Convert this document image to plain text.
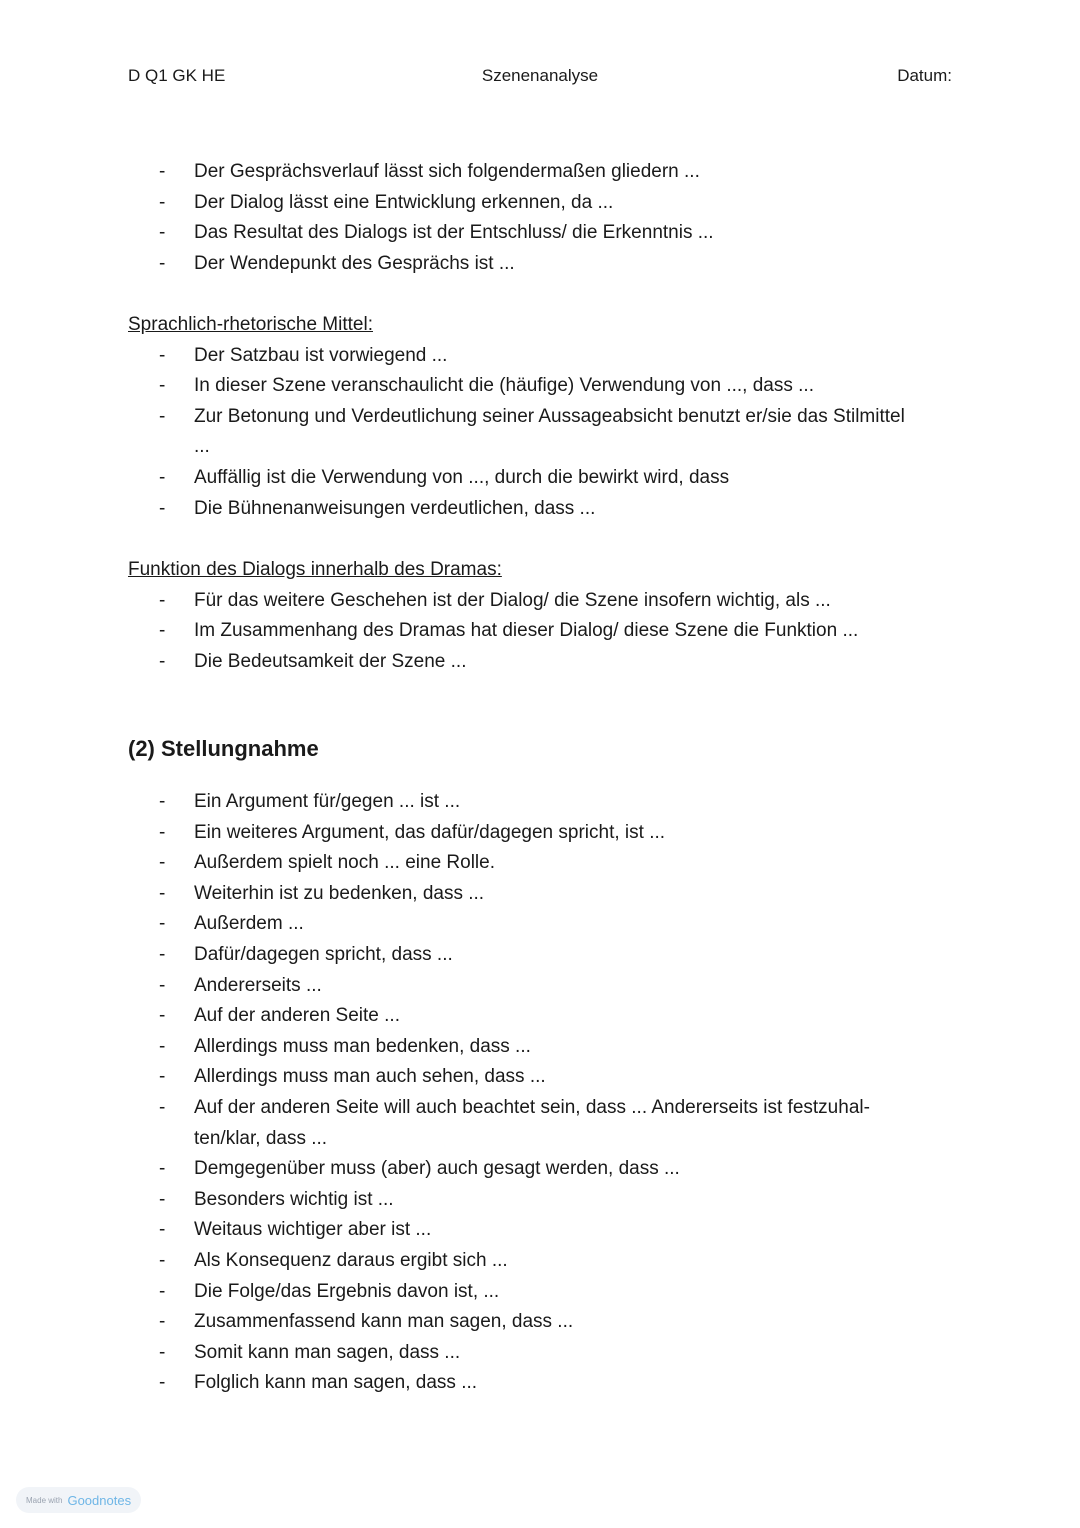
D Q1 GK HE	Szenenanalyse	Datum:
- Der Gesprächsverlauf lässt sich folgendermaßen gliedern ...
- Der Dialog lässt eine Entwicklung erkennen, da ...
- Das Resultat des Dialogs ist der Entschluss/ die Erkenntnis ...
- Der Wendepunkt des Gesprächs ist ...
Sprachlich-rhetorische Mittel:
- Der Satzbau ist vorwiegend ...
- In dieser Szene veranschaulicht die (häufige) Verwendung von ..., dass ...
- Zur Betonung und Verdeutlichung seiner Aussageabsicht benutzt er/sie das Stilmittel
...
- Auffällig ist die Verwendung von ..., durch die bewirkt wird, dass
- Die Bühnenanweisungen verdeutlichen, dass ...
Funktion des Dialogs innerhalb des Dramas:
- Für das weitere Geschehen ist der Dialog/ die Szene insofern wichtig, als ...
- Im Zusammenhang des Dramas hat dieser Dialog/ diese Szene die Funktion ...
- Die Bedeutsamkeit der Szene ...
(2) Stellungnahme
- Ein Argument für/gegen ... ist ...
- Ein weiteres Argument, das dafür/dagegen spricht, ist ...
- Außerdem spielt noch ... eine Rolle.
- Weiterhin ist zu bedenken, dass ...
- Außerdem ...
- Dafür/dagegen spricht, dass ...
- Andererseits ...
- Auf der anderen Seite ...
- Allerdings muss man bedenken, dass ...
- Allerdings muss man auch sehen, dass ...
- Auf der anderen Seite will auch beachtet sein, dass ... Andererseits ist festzuhal-
ten/klar, dass ...
- Demgegenüber muss (aber) auch gesagt werden, dass ...
- Besonders wichtig ist ...
- Weitaus wichtiger aber ist ...
- Als Konsequenz daraus ergibt sich ...
- Die Folge/das Ergebnis davon ist, ...
- Zusammenfassend kann man sagen, dass ...
- Somit kann man sagen, dass ...
- Folglich kann man sagen, dass ...
Made with Goodnotes
